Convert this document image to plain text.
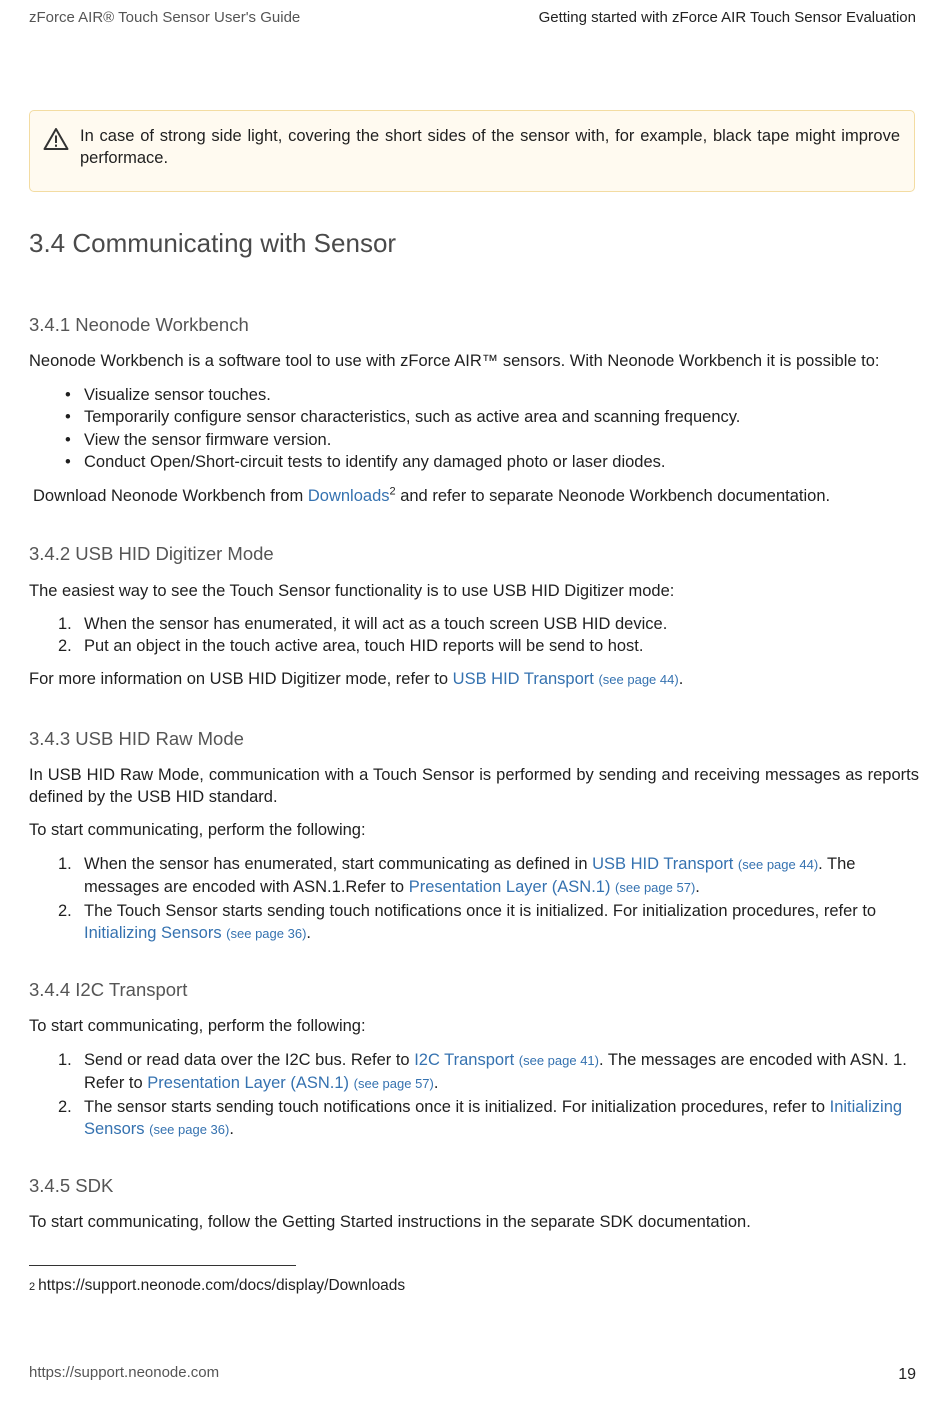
zForce AIR® Touch Sensor User's Guide	Getting started with zForce AIR Touch Sensor Evaluation
In case of strong side light, covering the short sides of the sensor with, for example, black tape might improve performace.
3.4 Communicating with Sensor
3.4.1 Neonode Workbench
Neonode Workbench is a software tool to use with zForce AIR™ sensors. With Neonode Workbench it is possible to:
• Visualize sensor touches.
• Temporarily configure sensor characteristics, such as active area and scanning frequency.
• View the sensor firmware version.
• Conduct Open/Short-circuit tests to identify any damaged photo or laser diodes.
Download Neonode Workbench from Downloads$^2$ and refer to separate Neonode Workbench documentation.
3.4.2 USB HID Digitizer Mode
The easiest way to see the Touch Sensor functionality is to use USB HID Digitizer mode:
1. When the sensor has enumerated, it will act as a touch screen USB HID device.
2. Put an object in the touch active area, touch HID reports will be send to host.
For more information on USB HID Digitizer mode, refer to USB HID Transport (see page 44).
3.4.3 USB HID Raw Mode
In USB HID Raw Mode, communication with a Touch Sensor is performed by sending and receiving messages as reports defined by the USB HID standard.
To start communicating, perform the following:
1. When the sensor has enumerated, start communicating as defined in USB HID Transport (see page 44). The messages are encoded with ASN.1.Refer to Presentation Layer (ASN.1) (see page 57).
2. The Touch Sensor starts sending touch notifications once it is initialized. For initialization procedures, refer to Initializing Sensors (see page 36).
3.4.4 I2C Transport
To start communicating, perform the following:
1. Send or read data over the I2C bus. Refer to I2C Transport (see page 41). The messages are encoded with ASN. 1. Refer to Presentation Layer (ASN.1) (see page 57).
2. The sensor starts sending touch notifications once it is initialized. For initialization procedures, refer to Initializing Sensors (see page 36).
3.4.5 SDK
To start communicating, follow the Getting Started instructions in the separate SDK documentation.
2 https://support.neonode.com/docs/display/Downloads
https://support.neonode.com	19
